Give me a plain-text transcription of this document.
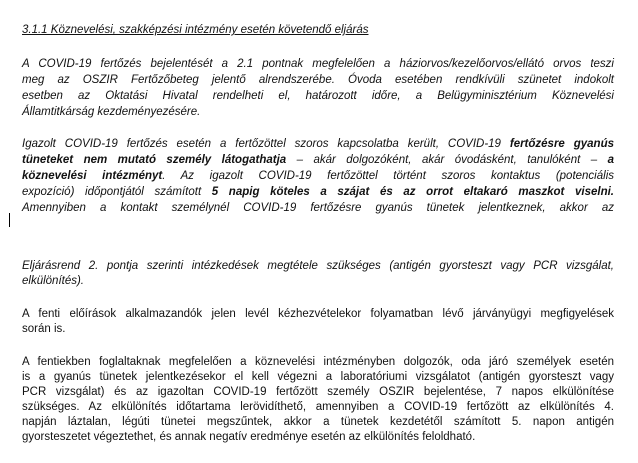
3.1.1 Köznevelési, szakképzési intézmény esetén követendő eljárás
A COVID-19 fertőzés bejelentését a 2.1 pontnak megfelelően a háziorvos/kezelőorvos/ellátó orvos teszi
meg az OSZIR Fertőzőbeteg jelentő alrendszerébe. Óvoda esetében rendkívüli szünetet indokolt
esetben az Oktatási Hivatal rendelheti el, határozott időre, a Belügyminisztérium Köznevelési
Államtitkárság kezdeményezésére.
Igazolt COVID-19 fertőzés esetén a fertőzöttel szoros kapcsolatba került, COVID-19 fertőzésre gyanús
tüneteket nem mutató személy látogathatja – akár dolgozóként, akár óvodásként, tanulóként – a
köznevelési intézményt. Az igazolt COVID-19 fertőzöttel történt szoros kontaktus (potenciális
expozíció) időpontjától számított 5 napig köteles a szájat és az orrot eltakaró maszkot viselni.
Amennyiben a kontakt személynél COVID-19 fertőzésre gyanús tünetek jelentkeznek, akkor az
Eljárásrend 2. pontja szerinti intézkedések megtétele szükséges (antigén gyorsteszt vagy PCR vizsgálat,
elkülönítés).
A fenti előírások alkalmazandók jelen levél kézhezvételekor folyamatban lévő járványügyi megfigyelések
során is.
A fentiekben foglaltaknak megfelelően a köznevelési intézményben dolgozók, oda járó személyek esetén
is a gyanús tünetek jelentkezésekor el kell végezni a laboratóriumi vizsgálatot (antigén gyorsteszt vagy
PCR vizsgálat) és az igazoltan COVID-19 fertőzött személy OSZIR bejelentése, 7 napos elkülönítése
szükséges. Az elkülönítés időtartama lerövidíthető, amennyiben a COVID-19 fertőzött az elkülönítés 4.
napján láztalan, légúti tünetei megszűntek, akkor a tünetek kezdetétől számított 5. napon antigén
gyorsteszetet végeztethet, és annak negatív eredménye esetén az elkülönítés feloldható.
